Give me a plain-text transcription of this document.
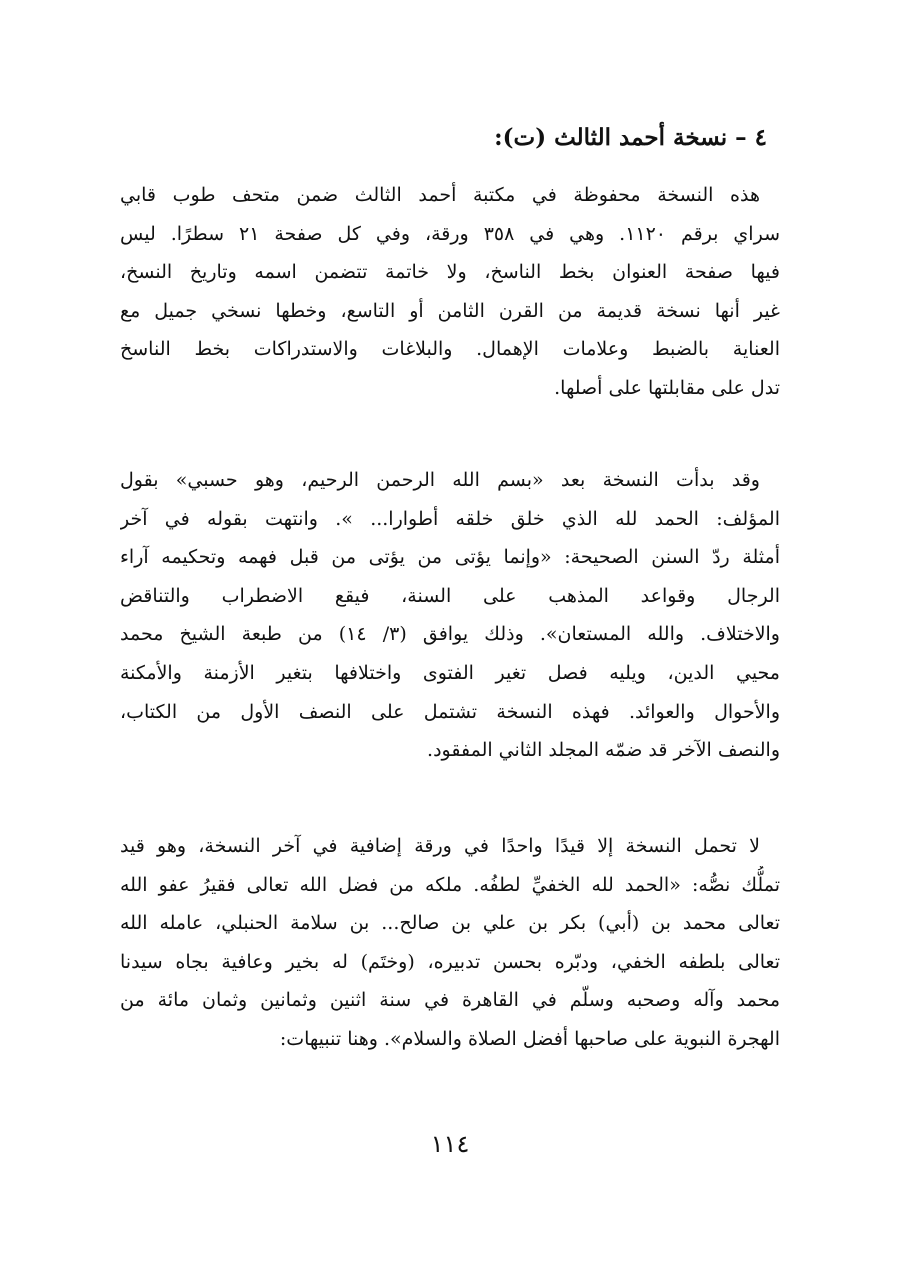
٤ – نسخة أحمد الثالث (ت):
هذه النسخة محفوظة في مكتبة أحمد الثالث ضمن متحف طوب قابي
سراي برقم ١١٢٠. وهي في ٣٥٨ ورقة، وفي كل صفحة ٢١ سطرًا. ليس
فيها صفحة العنوان بخط الناسخ، ولا خاتمة تتضمن اسمه وتاريخ النسخ،
غير أنها نسخة قديمة من القرن الثامن أو التاسع، وخطها نسخي جميل مع
العناية بالضبط وعلامات الإهمال. والبلاغات والاستدراكات بخط الناسخ
تدل على مقابلتها على أصلها.
وقد بدأت النسخة بعد «بسم الله الرحمن الرحيم، وهو حسبي» بقول
المؤلف: الحمد لله الذي خلق خلقه أطوارا... ». وانتهت بقوله في آخر
أمثلة ردّ السنن الصحيحة: «وإنما يؤتى من يؤتى من قبل فهمه وتحكيمه آراء
الرجال وقواعد المذهب على السنة، فيقع الاضطراب والتناقض
والاختلاف. والله المستعان». وذلك يوافق (٣/ ١٤) من طبعة الشيخ محمد
محيي الدين، ويليه فصل تغير الفتوى واختلافها بتغير الأزمنة والأمكنة
والأحوال والعوائد. فهذه النسخة تشتمل على النصف الأول من الكتاب،
والنصف الآخر قد ضمّه المجلد الثاني المفقود.
لا تحمل النسخة إلا قيدًا واحدًا في ورقة إضافية في آخر النسخة، وهو قيد
تملُّك نصُّه: «الحمد لله الخفيِّ لطفُه. ملكه من فضل الله تعالى فقيرُ عفو الله
تعالى محمد بن (أبي) بكر بن علي بن صالح... بن سلامة الحنبلي، عامله الله
تعالى بلطفه الخفي، ودبّره بحسن تدبيره، (وختَم) له بخير وعافية بجاه سيدنا
محمد وآله وصحبه وسلّم في القاهرة في سنة اثنين وثمانين وثمان مائة من
الهجرة النبوية على صاحبها أفضل الصلاة والسلام». وهنا تنبيهات:
١١٤
